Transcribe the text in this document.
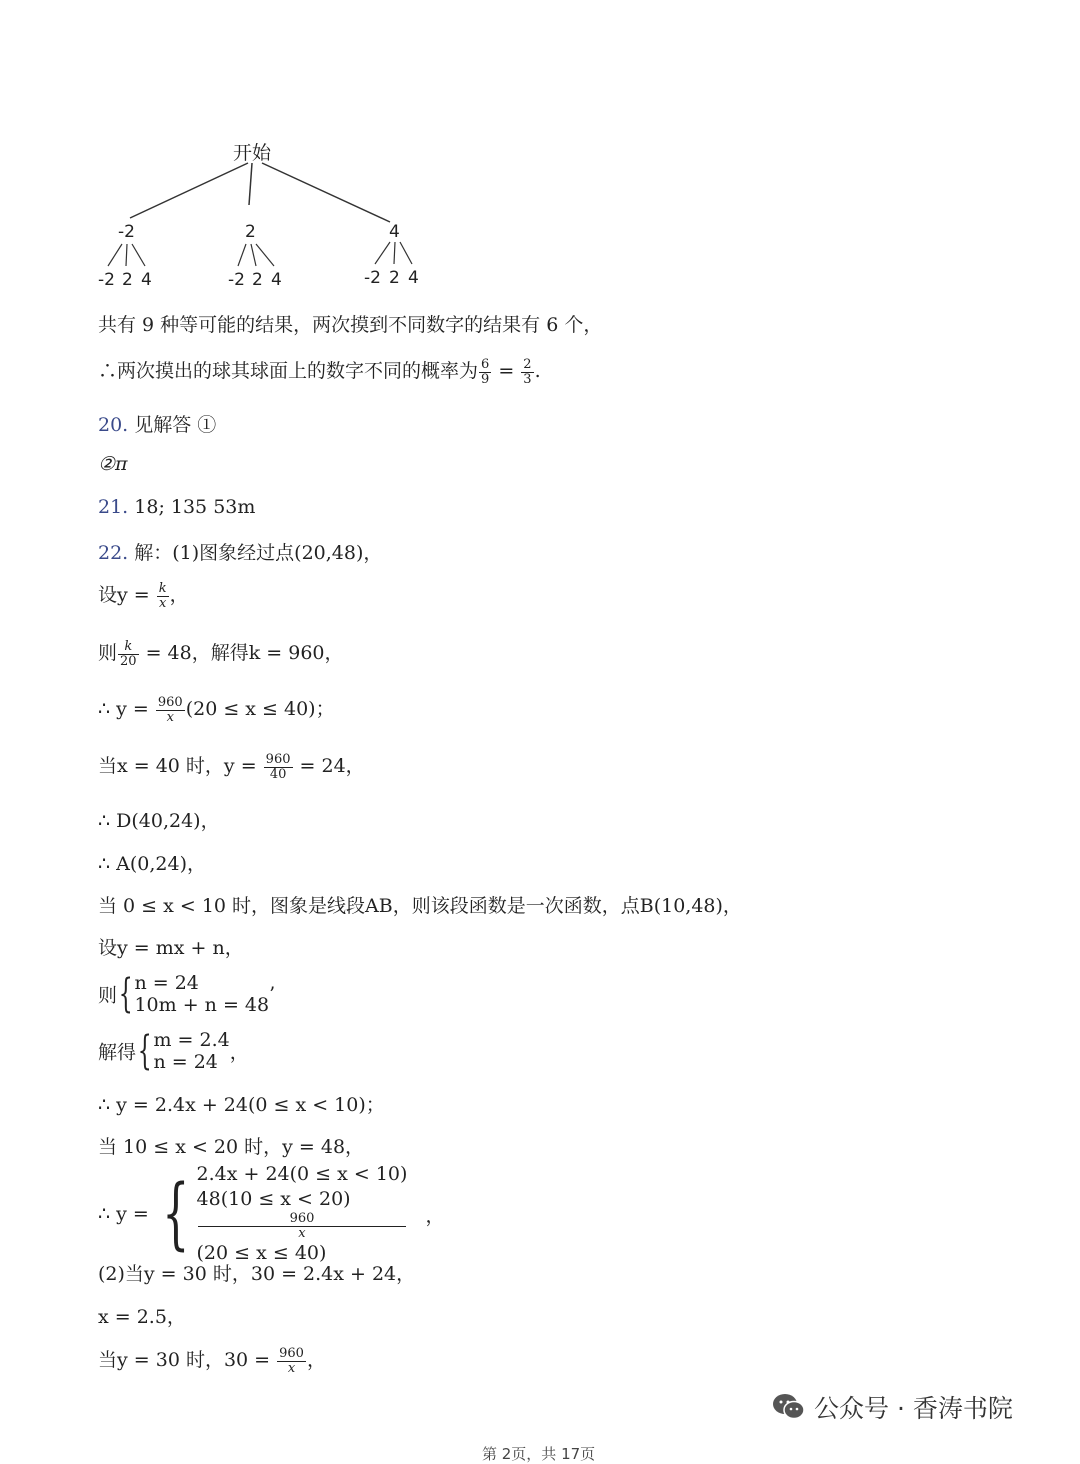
开始
-2	2	4
-2 2 4	-2 2 4	-2 2 4
共有 9 种等可能的结果，两次摸到不同数字的结果有 6 个，
∴两次摸出的球其球面上的数字不同的概率为 $\frac{6}{9} = \frac{2}{3}$ .
20. 见解答 ①
②π
21. 18; 135 53m
22. 解：(1)图象经过点(20,48)，
设$y = \frac{k}{x}$ ，
则 $\frac{k}{20} = 48$，解得k = 960，
∴ $y = \frac{960}{x} (20 \le x \le 40)$；
当x = 40 时，$y = \frac{960}{40} = 24$，
∴ D(40,24)，
∴ A(0,24)，
当 0 ≤ x < 10 时，图象是线段AB，则该段函数是一次函数，点B(10,48)，
设y = mx + n，
则{ n = 24
10m + n = 48 ’
解得{ m = 2.4
n = 24 ，
∴ y = 2.4x + 24(0 ≤ x < 10)；
当 10 ≤ x < 20 时，y = 48，
∴ y = { 2.4x + 24(0 ≤ x < 10)
48(10 ≤ x < 20)
960
x
(20 ≤ x ≤ 40)
，
(2)当y = 30 时，30 = 2.4x + 24，
x = 2.5，
当y = 30 时，$30 = \frac{960}{x}$ ，
公众号 · 香涛书院
第 2页，共 17页
